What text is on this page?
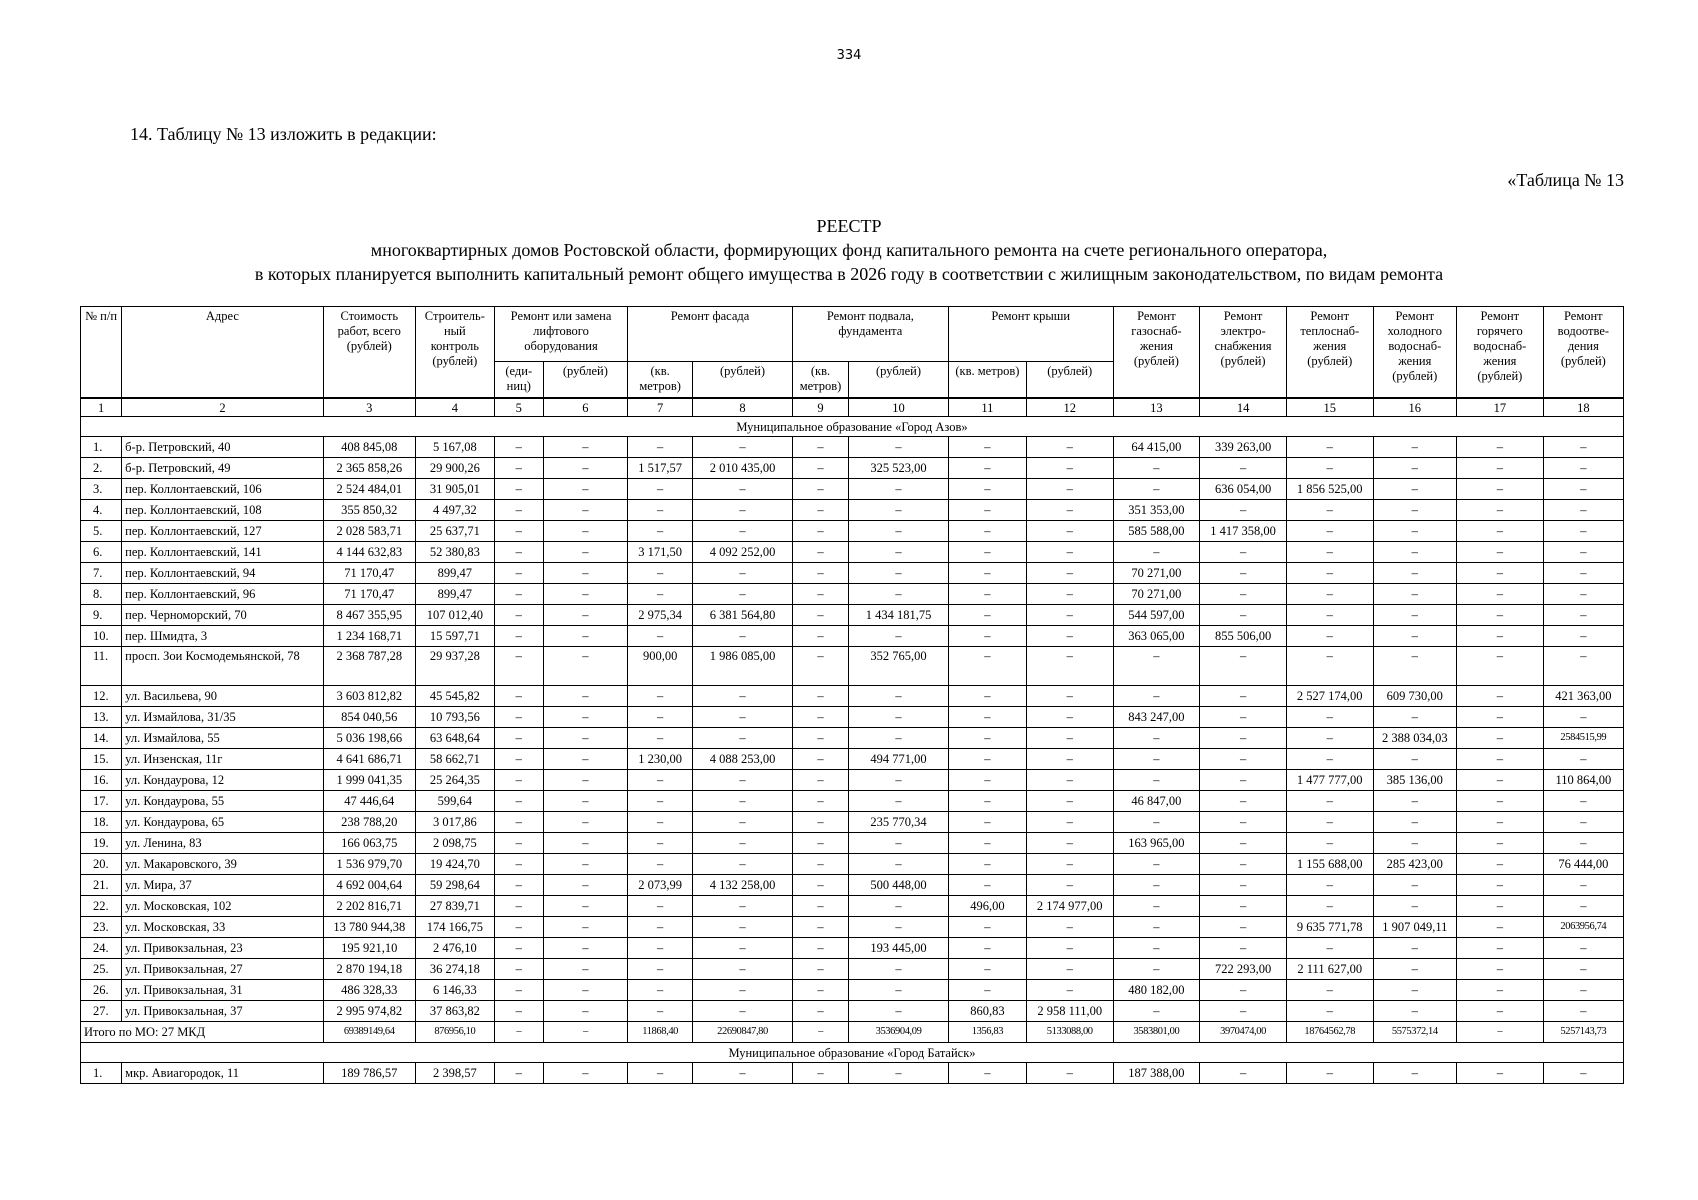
334
14. Таблицу № 13 изложить в редакции:
«Таблица № 13
РЕЕСТР
многоквартирных домов Ростовской области, формирующих фонд капитального ремонта на счете регионального оператора,
в которых планируется выполнить капитальный ремонт общего имущества в 2026 году в соответствии с жилищным законодательством, по видам ремонта
№ п/п	Адрес	Стоимость работ, всего (рублей)	Строитель- ный контроль (рублей)	Ремонт или замена лифтового оборудования		Ремонт фасада		Ремонт подвала, фундамента		Ремонт крыши		Ремонт газоснаб- жения (рублей)	Ремонт электро- снабжения (рублей)	Ремонт теплоснаб- жения (рублей)	Ремонт холодного водоснаб- жения (рублей)	Ремонт горячего водоснаб- жения (рублей)	Ремонт водоотве- дения (рублей)
				(еди- ниц)	(рублей)	(кв. метров)	(рублей)	(кв. метров)	(рублей)	(кв. метров)	(рублей)						
1	2	3	4	5	6	7	8	9	10	11	12	13	14	15	16	17	18
Муниципальное образование «Город Азов»																	
1.	б-р. Петровский, 40	408 845,08	5 167,08	–	–	–	–	–	–	–	–	64 415,00	339 263,00	–	–	–	–
2.	б-р. Петровский, 49	2 365 858,26	29 900,26	–	–	1 517,57	2 010 435,00	–	325 523,00	–	–	–	–	–	–	–	–
3.	пер. Коллонтаевский, 106	2 524 484,01	31 905,01	–	–	–	–	–	–	–	–	–	636 054,00	1 856 525,00	–	–	–
4.	пер. Коллонтаевский, 108	355 850,32	4 497,32	–	–	–	–	–	–	–	–	351 353,00	–	–	–	–	–
5.	пер. Коллонтаевский, 127	2 028 583,71	25 637,71	–	–	–	–	–	–	–	–	585 588,00	1 417 358,00	–	–	–	–
6.	пер. Коллонтаевский, 141	4 144 632,83	52 380,83	–	–	3 171,50	4 092 252,00	–	–	–	–	–	–	–	–	–	–
7.	пер. Коллонтаевский, 94	71 170,47	899,47	–	–	–	–	–	–	–	–	70 271,00	–	–	–	–	–
8.	пер. Коллонтаевский, 96	71 170,47	899,47	–	–	–	–	–	–	–	–	70 271,00	–	–	–	–	–
9.	пер. Черноморский, 70	8 467 355,95	107 012,40	–	–	2 975,34	6 381 564,80	–	1 434 181,75	–	–	544 597,00	–	–	–	–	–
10.	пер. Шмидта, 3	1 234 168,71	15 597,71	–	–	–	–	–	–	–	–	363 065,00	855 506,00	–	–	–	–
11.	просп. Зои Космодемьянской, 78	2 368 787,28	29 937,28	–	–	900,00	1 986 085,00	–	352 765,00	–	–	–	–	–	–	–	–
12.	ул. Васильева, 90	3 603 812,82	45 545,82	–	–	–	–	–	–	–	–	–	–	2 527 174,00	609 730,00	–	421 363,00
13.	ул. Измайлова, 31/35	854 040,56	10 793,56	–	–	–	–	–	–	–	–	843 247,00	–	–	–	–	–
14.	ул. Измайлова, 55	5 036 198,66	63 648,64	–	–	–	–	–	–	–	–	–	–	–	2 388 034,03	–	2584515,99
15.	ул. Инзенская, 11г	4 641 686,71	58 662,71	–	–	1 230,00	4 088 253,00	–	494 771,00	–	–	–	–	–	–	–	–
16.	ул. Кондаурова, 12	1 999 041,35	25 264,35	–	–	–	–	–	–	–	–	–	–	1 477 777,00	385 136,00	–	110 864,00
17.	ул. Кондаурова, 55	47 446,64	599,64	–	–	–	–	–	–	–	–	46 847,00	–	–	–	–	–
18.	ул. Кондаурова, 65	238 788,20	3 017,86	–	–	–	–	–	235 770,34	–	–	–	–	–	–	–	–
19.	ул. Ленина, 83	166 063,75	2 098,75	–	–	–	–	–	–	–	–	163 965,00	–	–	–	–	–
20.	ул. Макаровского, 39	1 536 979,70	19 424,70	–	–	–	–	–	–	–	–	–	–	1 155 688,00	285 423,00	–	76 444,00
21.	ул. Мира, 37	4 692 004,64	59 298,64	–	–	2 073,99	4 132 258,00	–	500 448,00	–	–	–	–	–	–	–	–
22.	ул. Московская, 102	2 202 816,71	27 839,71	–	–	–	–	–	–	496,00	2 174 977,00	–	–	–	–	–	–
23.	ул. Московская, 33	13 780 944,38	174 166,75	–	–	–	–	–	–	–	–	–	–	9 635 771,78	1 907 049,11	–	2063956,74
24.	ул. Привокзальная, 23	195 921,10	2 476,10	–	–	–	–	–	193 445,00	–	–	–	–	–	–	–	–
25.	ул. Привокзальная, 27	2 870 194,18	36 274,18	–	–	–	–	–	–	–	–	–	722 293,00	2 111 627,00	–	–	–
26.	ул. Привокзальная, 31	486 328,33	6 146,33	–	–	–	–	–	–	–	–	480 182,00	–	–	–	–	–
27.	ул. Привокзальная, 37	2 995 974,82	37 863,82	–	–	–	–	–	–	860,83	2 958 111,00	–	–	–	–	–	–
Итого по МО: 27 МКД		69389149,64	876956,10	–	–	11868,40	22690847,80	–	3536904,09	1356,83	5133088,00	3583801,00	3970474,00	18764562,78	5575372,14	–	5257143,73
Муниципальное образование «Город Батайск»																	
1.	мкр. Авиагородок, 11	189 786,57	2 398,57	–	–	–	–	–	–	–	–	187 388,00	–	–	–	–	–
